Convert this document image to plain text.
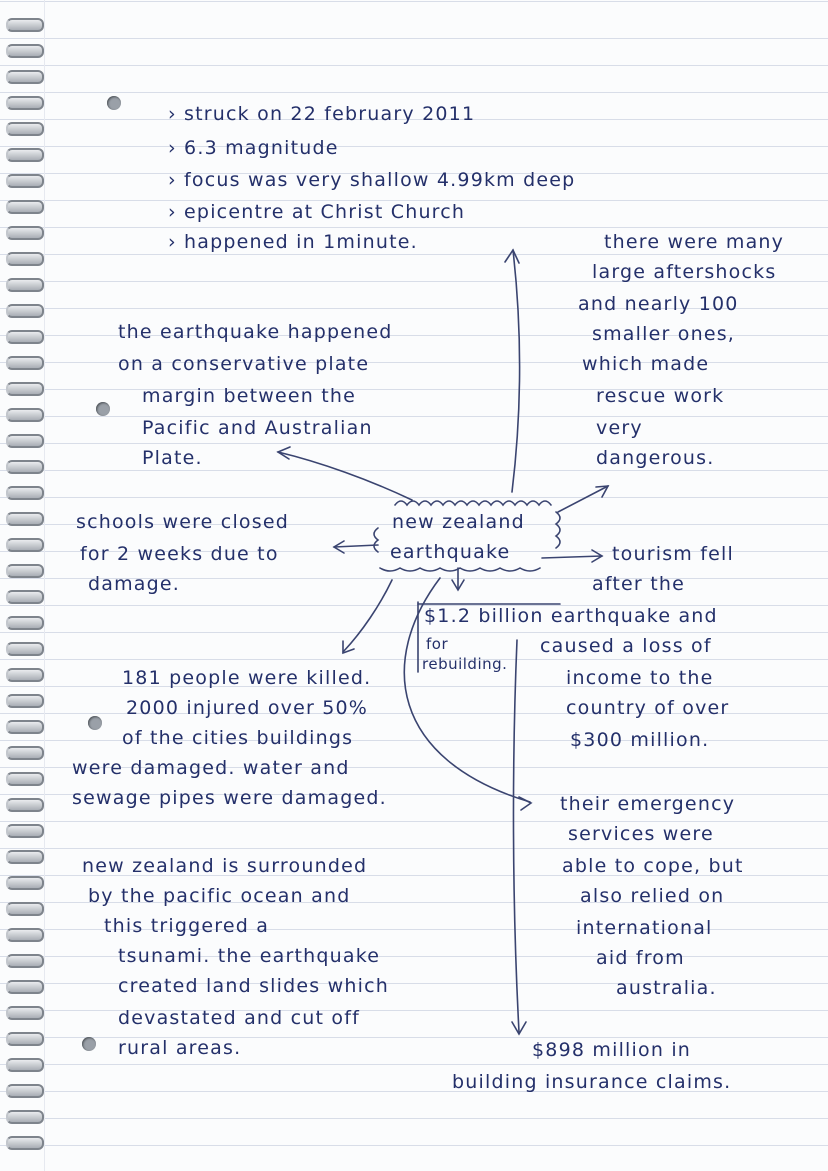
› struck on 22 february 2011

› 6.3 magnitude

› focus was very shallow 4.99km deep

› epicentre at Christ Church

› happened in 1minute.

the earthquake happened

on a conservative plate

margin between the

Pacific and Australian

Plate.

there were many

large aftershocks

and nearly 100

smaller ones,

which made

rescue work

very

dangerous.

new zealand

earthquake

schools were closed

for 2 weeks due to

damage.

tourism fell

after the

$1.2 billion earthquake and

caused a loss of

income to the

country of over

$300 million.

for

rebuilding.

181 people were killed.

2000 injured over 50%

of the cities buildings

were damaged. water and

sewage pipes were damaged.	their emergency

services were

able to cope, but

also relied on

international

aid from

australia.

new zealand is surrounded

by the pacific ocean and

this triggered a

tsunami. the earthquake

created land slides which

devastated and cut off

rural areas.	$898 million in

building insurance claims.
